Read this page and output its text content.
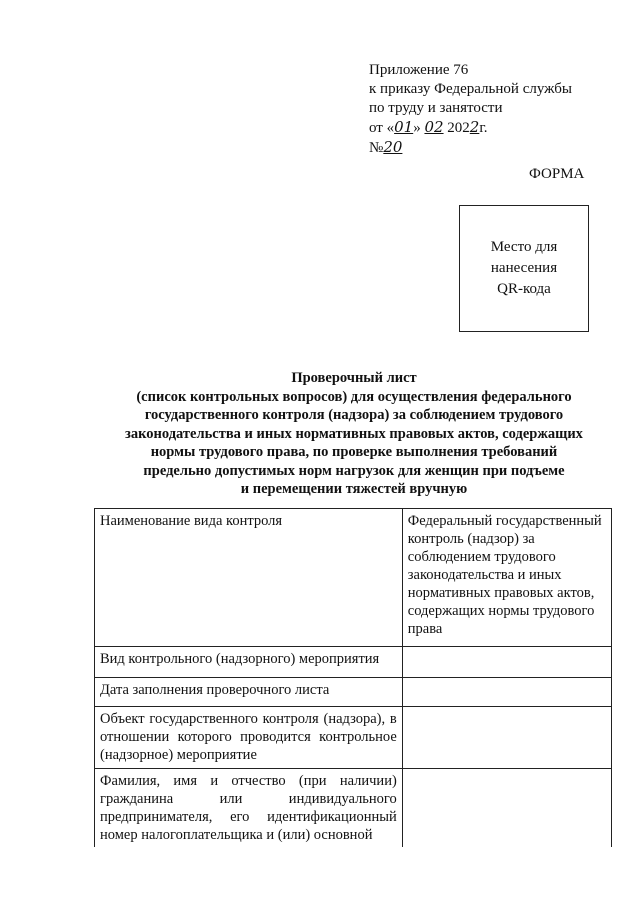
Приложение 76
к приказу Федеральной службы
по труду и занятости
от «01» 02 2022г.
№20
ФОРМА
Место для
нанесения
QR-кода
Проверочный лист
(список контрольных вопросов) для осуществления федерального
государственного контроля (надзора) за соблюдением трудового
законодательства и иных нормативных правовых актов, содержащих
нормы трудового права, по проверке выполнения требований
предельно допустимых норм нагрузок для женщин при подъеме
и перемещении тяжестей вручную
Наименование вида контроля	Федеральный государственный контроль (надзор) за соблюдением трудового законодательства и иных нормативных правовых актов, содержащих нормы трудового права
Вид контрольного (надзорного) мероприятия	
Дата заполнения проверочного листа	
Объект государственного контроля (надзора), в отношении которого проводится контрольное (надзорное) мероприятие	
Фамилия, имя и отчество (при наличии) гражданина или индивидуального предпринимателя, его идентификационный номер налогоплательщика и (или) основной	
